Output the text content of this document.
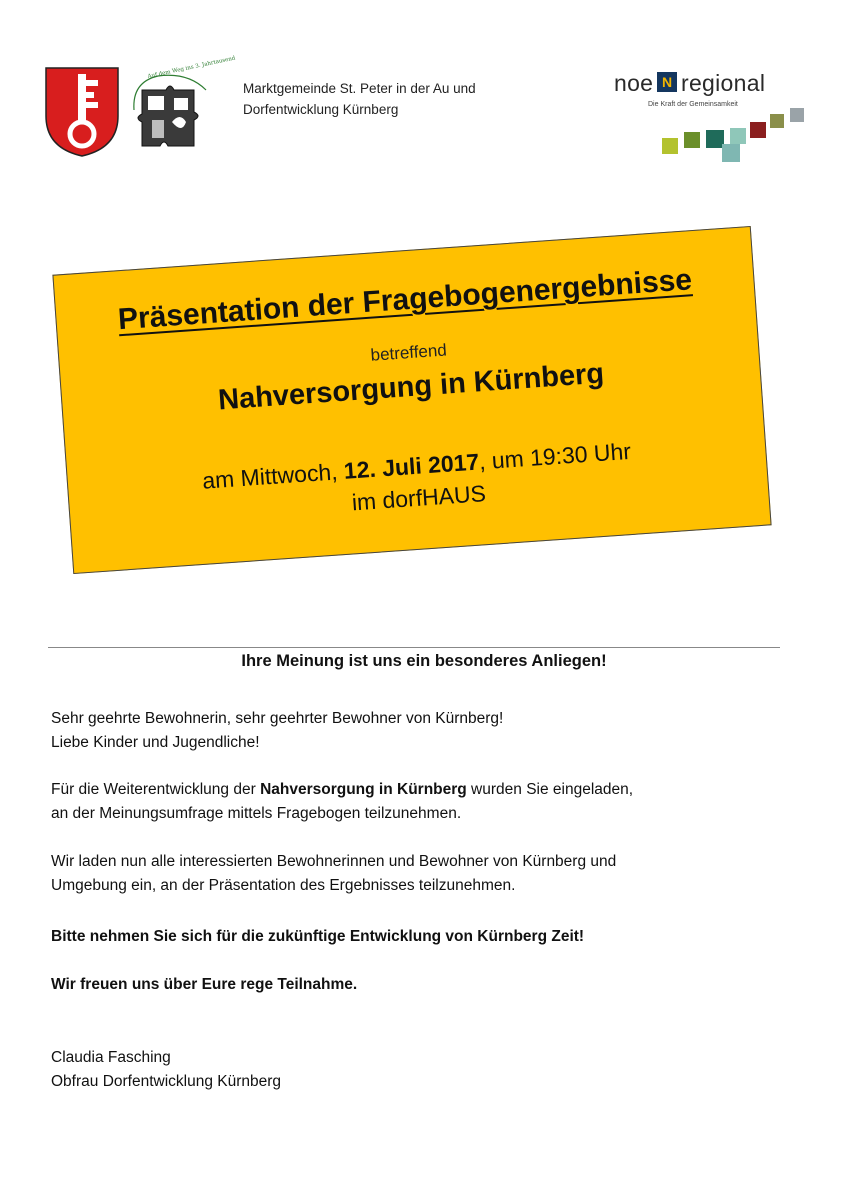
Auf dem Weg ins 3. Jahrtausend
Marktgemeinde St. Peter in der Au und
Dorfentwicklung Kürnberg
noe N regional
Die Kraft der Gemeinsamkeit
Präsentation der Fragebogenergebnisse
betreffend
Nahversorgung in Kürnberg
am Mittwoch, 12. Juli 2017, um 19:30 Uhr
im dorfHAUS
Ihre Meinung ist uns ein besonderes Anliegen!
Sehr geehrte Bewohnerin, sehr geehrter Bewohner von Kürnberg!
Liebe Kinder und Jugendliche!
Für die Weiterentwicklung der Nahversorgung in Kürnberg wurden Sie eingeladen,
an der Meinungsumfrage mittels Fragebogen teilzunehmen.
Wir laden nun alle interessierten Bewohnerinnen und Bewohner von Kürnberg und
Umgebung ein, an der Präsentation des Ergebnisses teilzunehmen.
Bitte nehmen Sie sich für die zukünftige Entwicklung von Kürnberg Zeit!
Wir freuen uns über Eure rege Teilnahme.
Claudia Fasching
Obfrau Dorfentwicklung Kürnberg
